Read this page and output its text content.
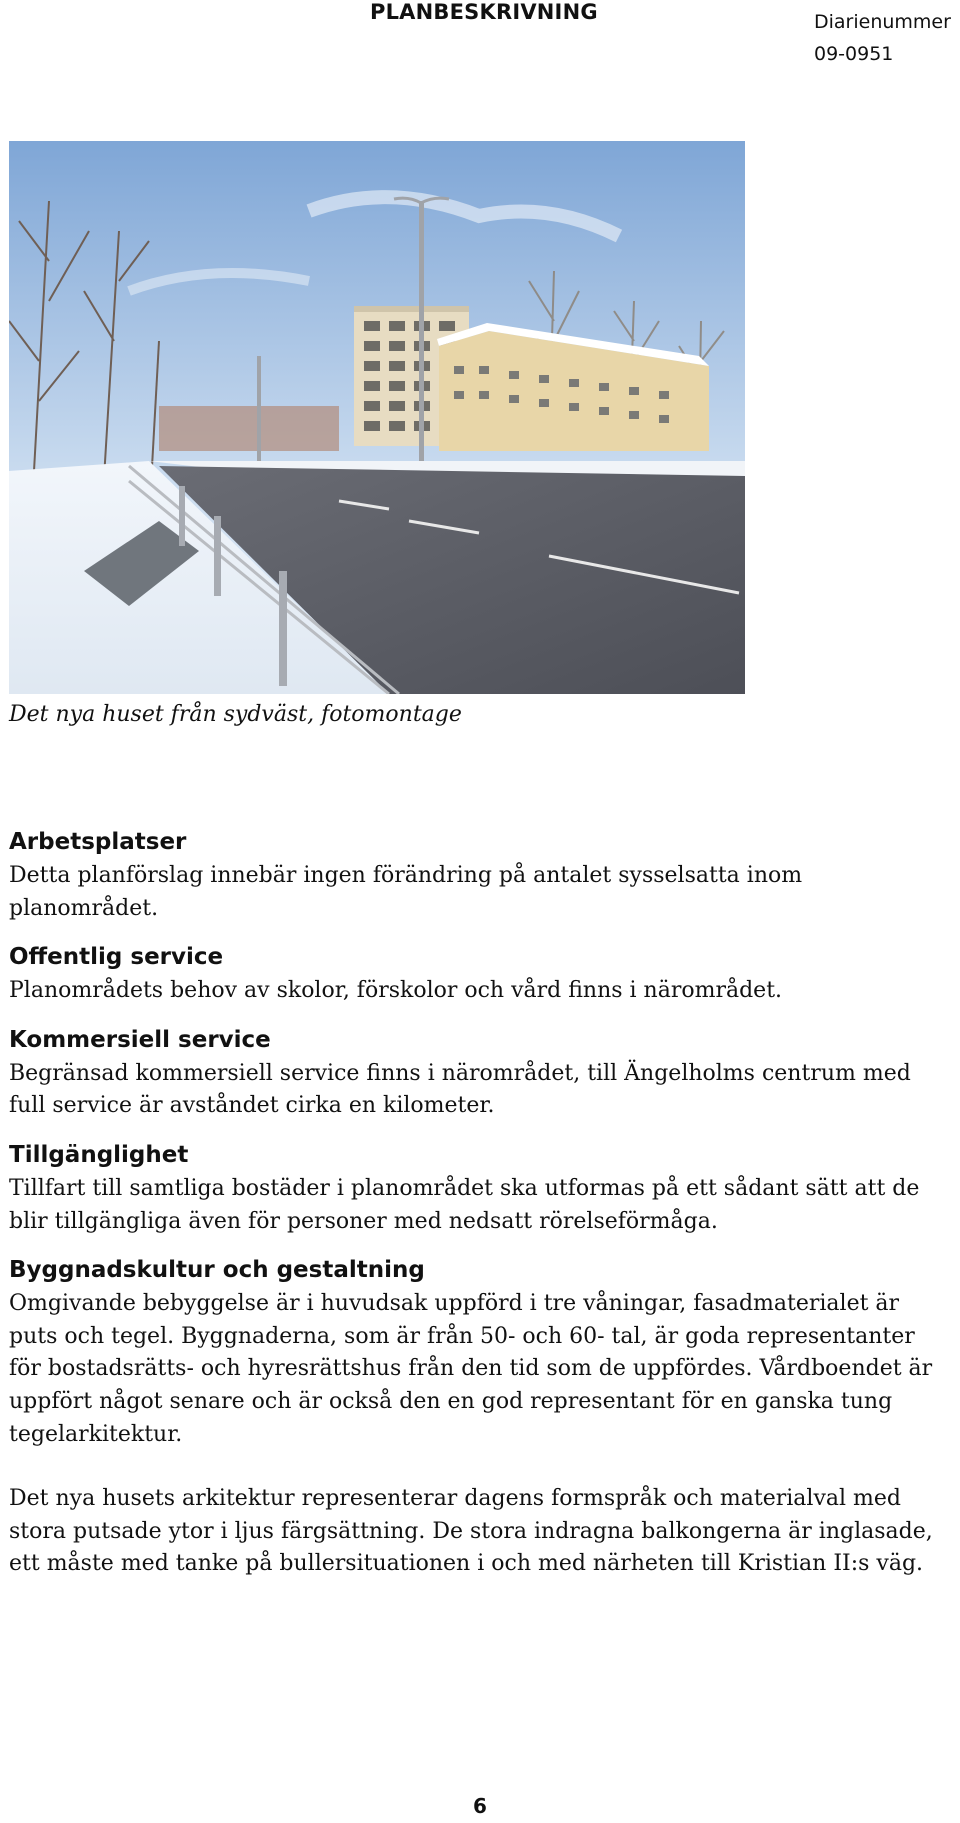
PLANBESKRIVNING	Diarienummer
09-0951
Det nya huset från sydväst, fotomontage
Arbetsplatser

Detta planförslag innebär ingen förändring på antalet sysselsatta inom planområdet.

Offentlig service

Planområdets behov av skolor, förskolor och vård finns i närområdet.

Kommersiell service

Begränsad kommersiell service finns i närområdet, till Ängelholms centrum med full service är avståndet cirka en kilometer.

Tillgänglighet

Tillfart till samtliga bostäder i planområdet ska utformas på ett sådant sätt att de blir tillgängliga även för personer med nedsatt rörelseförmåga.

Byggnadskultur och gestaltning

Omgivande bebyggelse är i huvudsak uppförd i tre våningar, fasadmaterialet är puts och tegel. Byggnaderna, som är från 50- och 60- tal, är goda representanter för bostadsrätts- och hyresrättshus från den tid som de uppfördes. Vårdboendet är uppfört något senare och är också den en god representant för en ganska tung tegelarkitektur.

Det nya husets arkitektur representerar dagens formspråk och materialval med stora putsade ytor i ljus färgsättning. De stora indragna balkongerna är inglasade, ett måste med tanke på bullersituationen i och med närheten till Kristian II:s väg.

6
